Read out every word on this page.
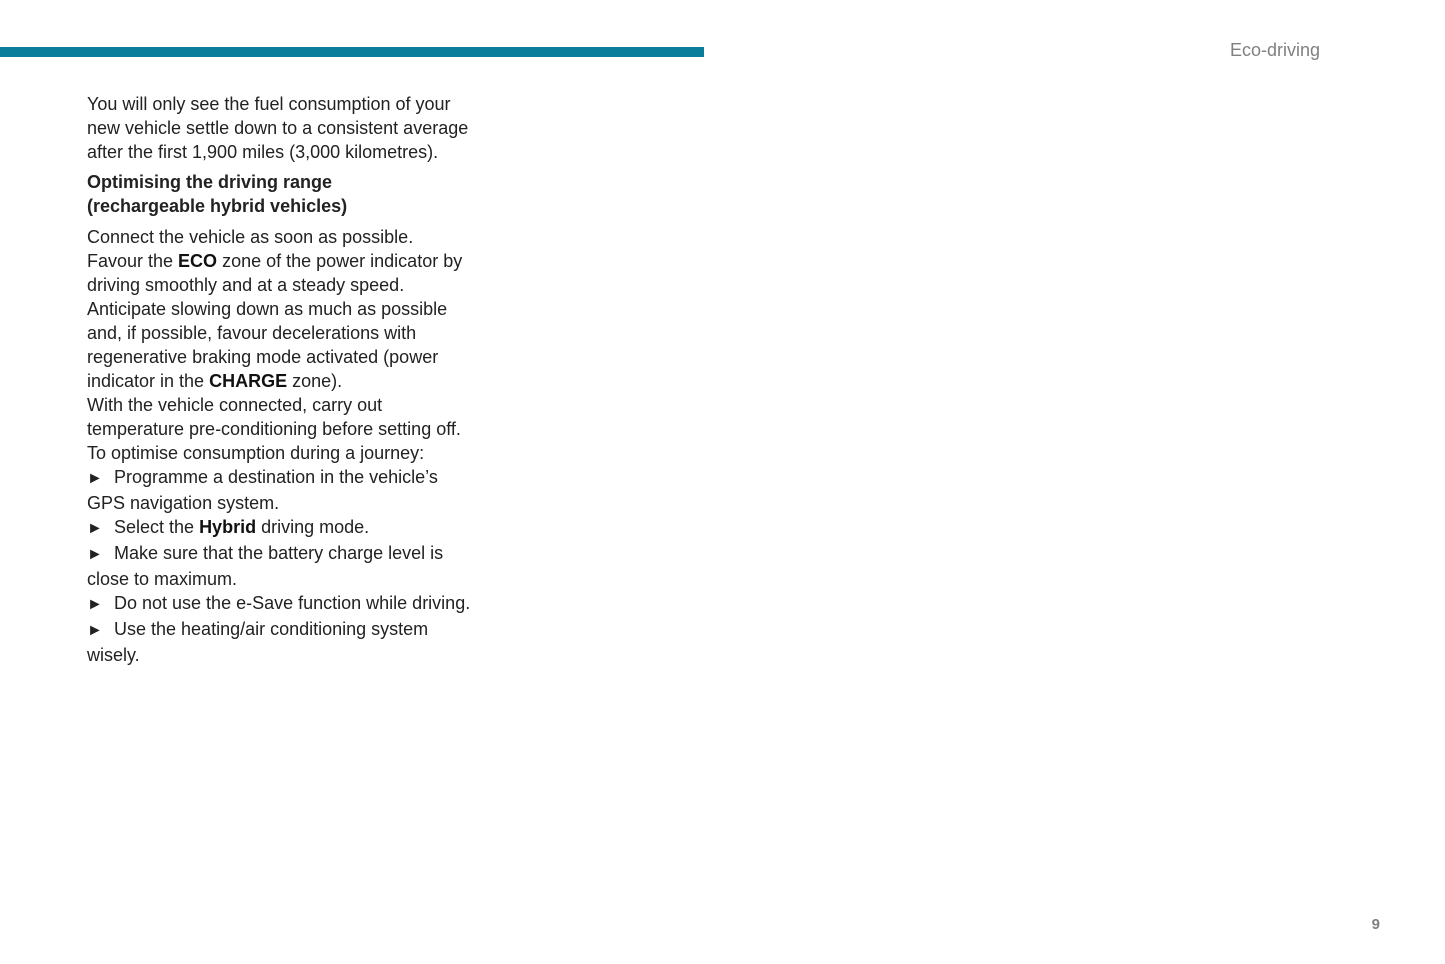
Eco-driving

You will only see the fuel consumption of your
new vehicle settle down to a consistent average
after the first 1,900 miles (3,000 kilometres).

Optimising the driving range
(rechargeable hybrid vehicles)

Connect the vehicle as soon as possible.
Favour the ECO zone of the power indicator by
driving smoothly and at a steady speed.
Anticipate slowing down as much as possible
and, if possible, favour decelerations with
regenerative braking mode activated (power
indicator in the CHARGE zone).
With the vehicle connected, carry out
temperature pre-conditioning before setting off.
To optimise consumption during a journey:
► Programme a destination in the vehicle’s
GPS navigation system.
► Select the Hybrid driving mode.
► Make sure that the battery charge level is
close to maximum.
► Do not use the e-Save function while driving.
► Use the heating/air conditioning system
wisely.
9
